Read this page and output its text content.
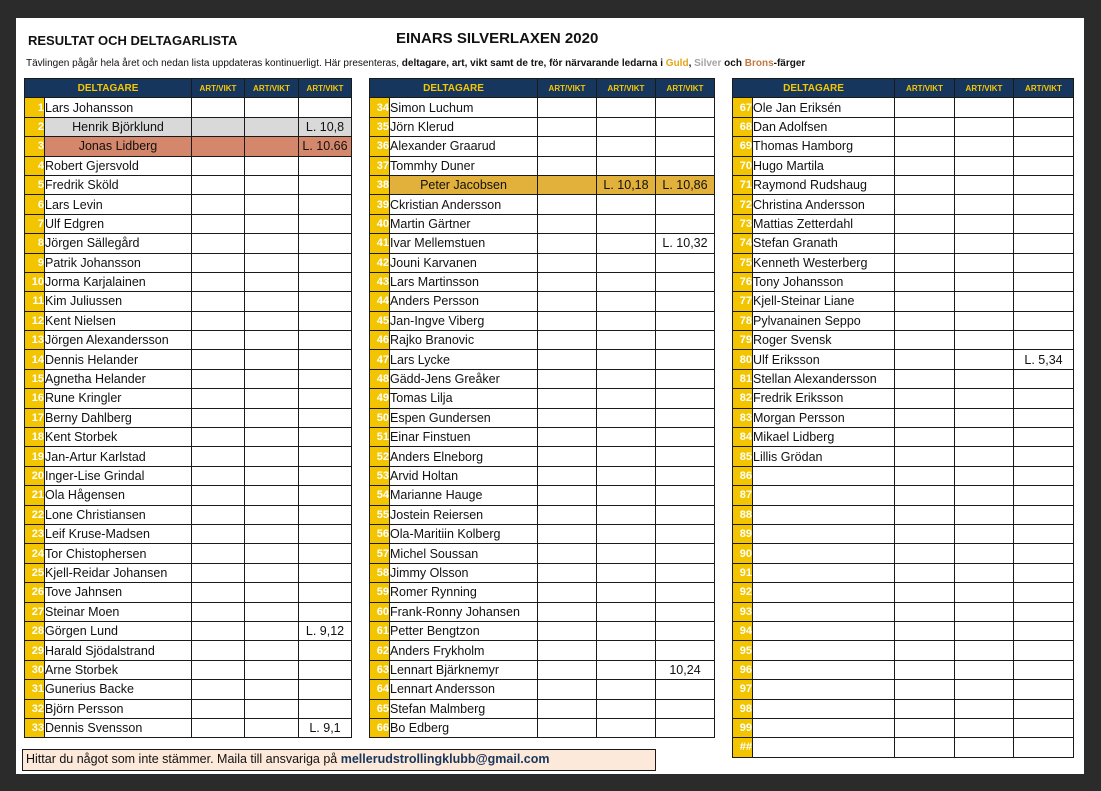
RESULTAT OCH DELTAGARLISTA	EINARS SILVERLAXEN 2020
Tävlingen pågår hela året och nedan lista uppdateras kontinuerligt. Här presenteras, deltagare, art, vikt samt de tre, för närvarande ledarna i Guld, Silver och Brons-färger
DELTAGARE		ART/VIKT	ART/VIKT	ART/VIKT
1	Lars Johansson			
2	Henrik Björklund			L. 10,8
3	Jonas Lidberg			L. 10.66
4	Robert Gjersvold			
5	Fredrik Sköld			
6	Lars Levin			
7	Ulf Edgren			
8	Jörgen Sällegård			
9	Patrik Johansson			
10	Jorma Karjalainen			
11	Kim Juliussen			
12	Kent Nielsen			
13	Jörgen Alexandersson			
14	Dennis Helander			
15	Agnetha Helander			
16	Rune Kringler			
17	Berny Dahlberg			
18	Kent Storbek			
19	Jan-Artur Karlstad			
20	Inger-Lise Grindal			
21	Ola Hågensen			
22	Lone Christiansen			
23	Leif Kruse-Madsen			
24	Tor Chistophersen			
25	Kjell-Reidar Johansen			
26	Tove Jahnsen			
27	Steinar Moen			
28	Görgen Lund			L. 9,12
29	Harald Sjödalstrand			
30	Arne Storbek			
31	Gunerius Backe			
32	Björn Persson			
33	Dennis Svensson			L. 9,1
DELTAGARE		ART/VIKT	ART/VIKT	ART/VIKT
34	Simon Luchum			
35	Jörn Klerud			
36	Alexander Graarud			
37	Tommhy Duner			
38	Peter Jacobsen		L. 10,18	L. 10,86
39	Ckristian Andersson			
40	Martin Gärtner			
41	Ivar Mellemstuen			L. 10,32
42	Jouni Karvanen			
43	Lars Martinsson			
44	Anders Persson			
45	Jan-Ingve Viberg			
46	Rajko Branovic			
47	Lars Lycke			
48	Gädd-Jens Greåker			
49	Tomas Lilja			
50	Espen Gundersen			
51	Einar Finstuen			
52	Anders Elneborg			
53	Arvid Holtan			
54	Marianne Hauge			
55	Jostein Reiersen			
56	Ola-Maritiin Kolberg			
57	Michel Soussan			
58	Jimmy Olsson			
59	Romer Rynning			
60	Frank-Ronny Johansen			
61	Petter Bengtzon			
62	Anders Frykholm			
63	Lennart Bjärknemyr			10,24
64	Lennart Andersson			
65	Stefan Malmberg			
66	Bo Edberg			
DELTAGARE		ART/VIKT	ART/VIKT	ART/VIKT
67	Ole Jan Eriksén			
68	Dan Adolfsen			
69	Thomas Hamborg			
70	Hugo Martila			
71	Raymond Rudshaug			
72	Christina Andersson			
73	Mattias Zetterdahl			
74	Stefan Granath			
75	Kenneth Westerberg			
76	Tony Johansson			
77	Kjell-Steinar Liane			
78	Pylvanainen Seppo			
79	Roger Svensk			
80	Ulf Eriksson			L. 5,34
81	Stellan Alexandersson			
82	Fredrik Eriksson			
83	Morgan Persson			
84	Mikael Lidberg			
85	Lillis Grödan			
86				
87				
88				
89				
90				
91				
92				
93				
94				
95				
96				
97				
98				
99				
##				
Hittar du något som inte stämmer. Maila till ansvariga på mellerudstrollingklubb@gmail.com
